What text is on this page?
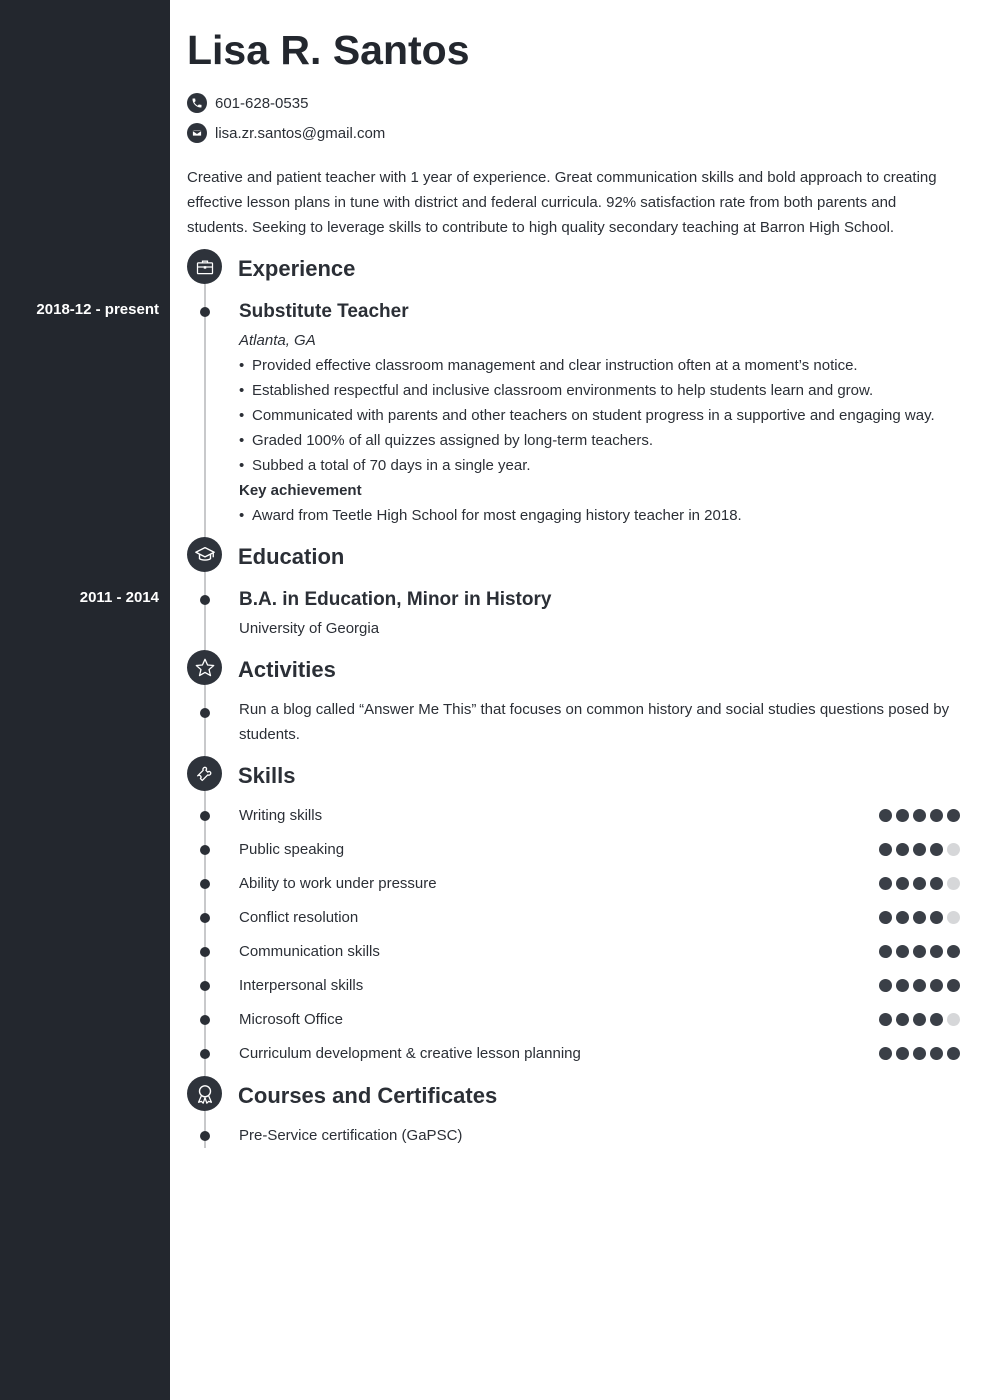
Lisa R. Santos
601-628-0535
lisa.zr.santos@gmail.com
Creative and patient teacher with 1 year of experience. Great communication skills and bold approach to creating effective lesson plans in tune with district and federal curricula. 92% satisfaction rate from both parents and students. Seeking to leverage skills to contribute to high quality secondary teaching at Barron High School.
Experience
2018-12 - present	Substitute Teacher
Atlanta, GA
• Provided effective classroom management and clear instruction often at a moment’s notice.
• Established respectful and inclusive classroom environments to help students learn and grow.
• Communicated with parents and other teachers on student progress in a supportive and engaging way.
• Graded 100% of all quizzes assigned by long-term teachers.
• Subbed a total of 70 days in a single year.
Key achievement
• Award from Teetle High School for most engaging history teacher in 2018.
Education
2011 - 2014	B.A. in Education, Minor in History
University of Georgia
Activities
Run a blog called “Answer Me This” that focuses on common history and social studies questions posed by
students.
Skills
Writing skills
Public speaking
Ability to work under pressure
Conflict resolution
Communication skills
Interpersonal skills
Microsoft Office
Curriculum development & creative lesson planning
Courses and Certificates
Pre-Service certification (GaPSC)
